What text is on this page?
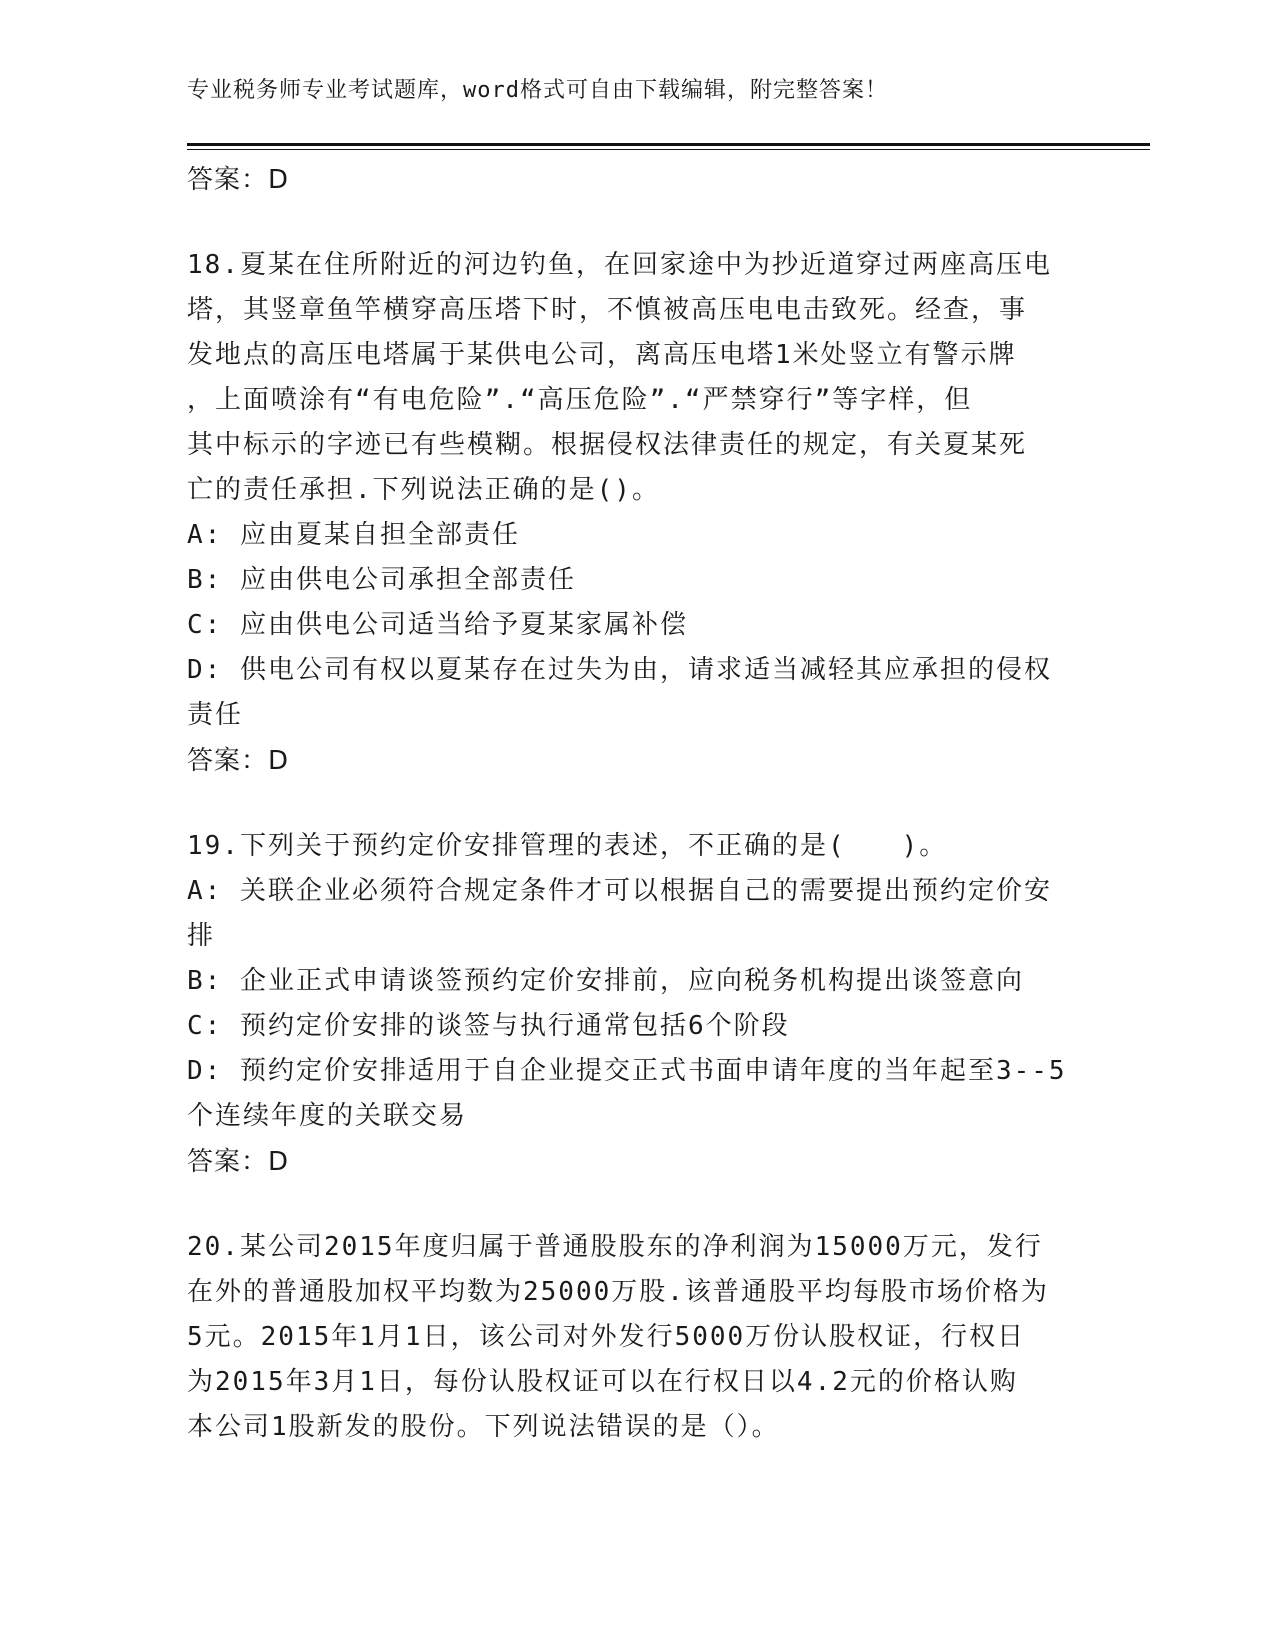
专业税务师专业考试题库，word格式可自由下载编辑，附完整答案！
答案：D
18.夏某在住所附近的河边钓鱼，在回家途中为抄近道穿过两座高压电
塔，其竖章鱼竿横穿高压塔下时，不慎被高压电电击致死。经查，事
发地点的高压电塔属于某供电公司，离高压电塔1米处竖立有警示牌
，上面喷涂有“有电危险”.“高压危险”.“严禁穿行”等字样，但
其中标示的字迹已有些模糊。根据侵权法律责任的规定，有关夏某死
亡的责任承担.下列说法正确的是()。
A: 应由夏某自担全部责任
B: 应由供电公司承担全部责任
C: 应由供电公司适当给予夏某家属补偿
D: 供电公司有权以夏某存在过失为由，请求适当减轻其应承担的侵权
责任
答案：D
19.下列关于预约定价安排管理的表述，不正确的是(　　)。
A: 关联企业必须符合规定条件才可以根据自己的需要提出预约定价安
排
B: 企业正式申请谈签预约定价安排前，应向税务机构提出谈签意向
C: 预约定价安排的谈签与执行通常包括6个阶段
D: 预约定价安排适用于自企业提交正式书面申请年度的当年起至3--5
个连续年度的关联交易
答案：D
20.某公司2015年度归属于普通股股东的净利润为15000万元，发行
在外的普通股加权平均数为25000万股.该普通股平均每股市场价格为
5元。2015年1月1日，该公司对外发行5000万份认股权证，行权日
为2015年3月1日，每份认股权证可以在行权日以4.2元的价格认购
本公司1股新发的股份。下列说法错误的是（）。
